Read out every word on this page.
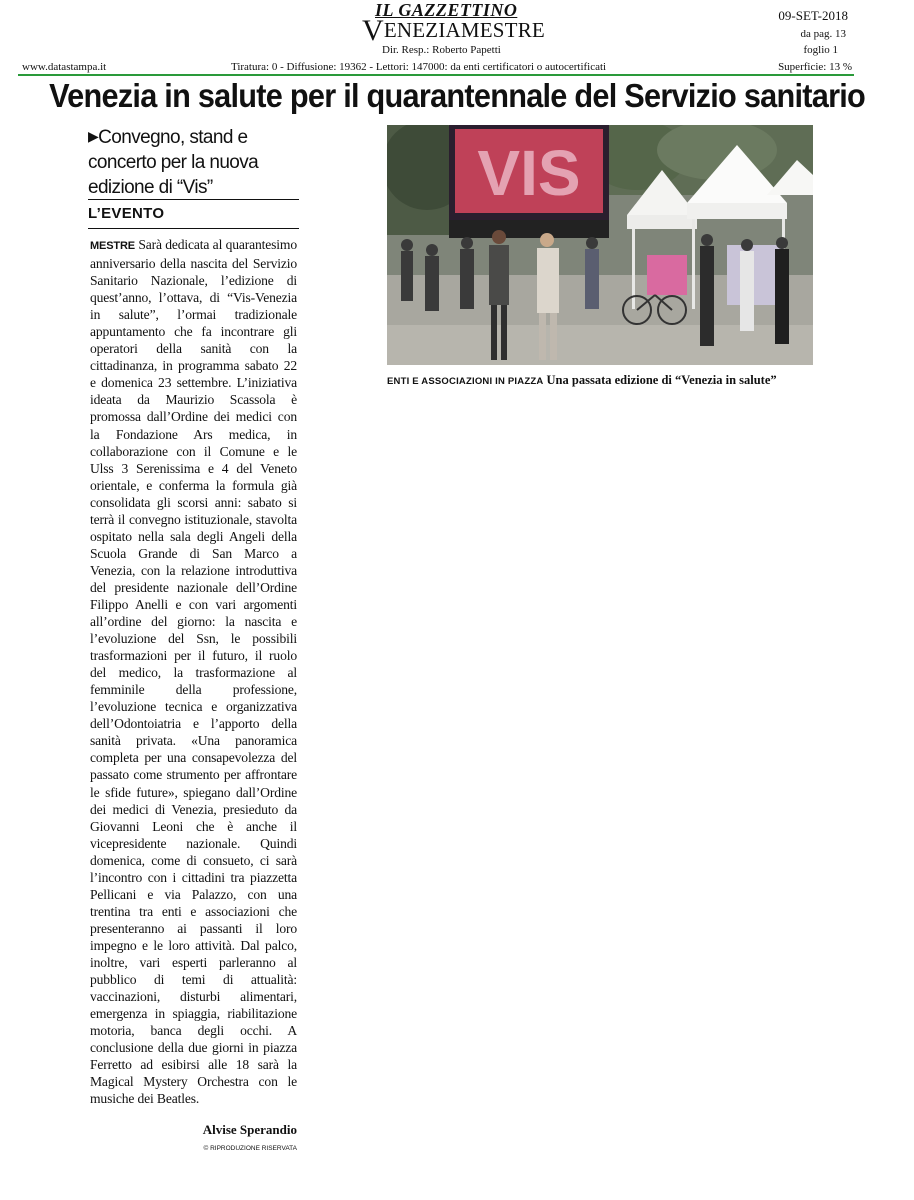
IL GAZZETTINO
VENEZIAMESTRE
Dir. Resp.: Roberto Papetti
09-SET-2018
da pag. 13
foglio 1
www.datastampa.it	Tiratura: 0 - Diffusione: 19362 - Lettori: 147000: da enti certificatori o autocertificati	Superficie: 13 %
Venezia in salute per il quarantennale del Servizio sanitario
▶Convegno, stand e concerto per la nuova edizione di “Vis”
L’EVENTO
MESTRE Sarà dedicata al quarantesimo anniversario della nascita del Servizio Sanitario Nazionale, l’edizione di quest’anno, l’ottava, di “Vis-Venezia in salute”, l’ormai tradizionale appuntamento che fa incontrare gli operatori della sanità con la cittadinanza, in programma sabato 22 e domenica 23 settembre. L’iniziativa ideata da Maurizio Scassola è promossa dall’Ordine dei medici con la Fondazione Ars medica, in collaborazione con il Comune e le Ulss 3 Serenissima e 4 del Veneto orientale, e conferma la formula già consolidata gli scorsi anni: sabato si terrà il convegno istituzionale, stavolta ospitato nella sala degli Angeli della Scuola Grande di San Marco a Venezia, con la relazione introduttiva del presidente nazionale dell’Ordine Filippo Anelli e con vari argomenti all’ordine del giorno: la nascita e l’evoluzione del Ssn, le possibili trasformazioni per il futuro, il ruolo del medico, la trasformazione al femminile della professione, l’evoluzione tecnica e organizzativa dell’Odontoiatria e l’apporto della sanità privata. «Una panoramica completa per una consapevolezza del passato come strumento per affrontare le sfide future», spiegano dall’Ordine dei medici di Venezia, presieduto da Giovanni Leoni che è anche il vicepresidente nazionale. Quindi domenica, come di consueto, ci sarà l’incontro con i cittadini tra piazzetta Pellicani e via Palazzo, con una trentina tra enti e associazioni che presenteranno ai passanti il loro impegno e le loro attività. Dal palco, inoltre, vari esperti parleranno al pubblico di temi di attualità: vaccinazioni, disturbi alimentari, emergenza in spiaggia, riabilitazione motoria, banca degli occhi. A conclusione della due giorni in piazza Ferretto ad esibirsi alle 18 sarà la Magical Mystery Orchestra con le musiche dei Beatles.
Alvise Sperandio
© RIPRODUZIONE RISERVATA
VIS
ENTI E ASSOCIAZIONI IN PIAZZA Una passata edizione di “Venezia in salute”
